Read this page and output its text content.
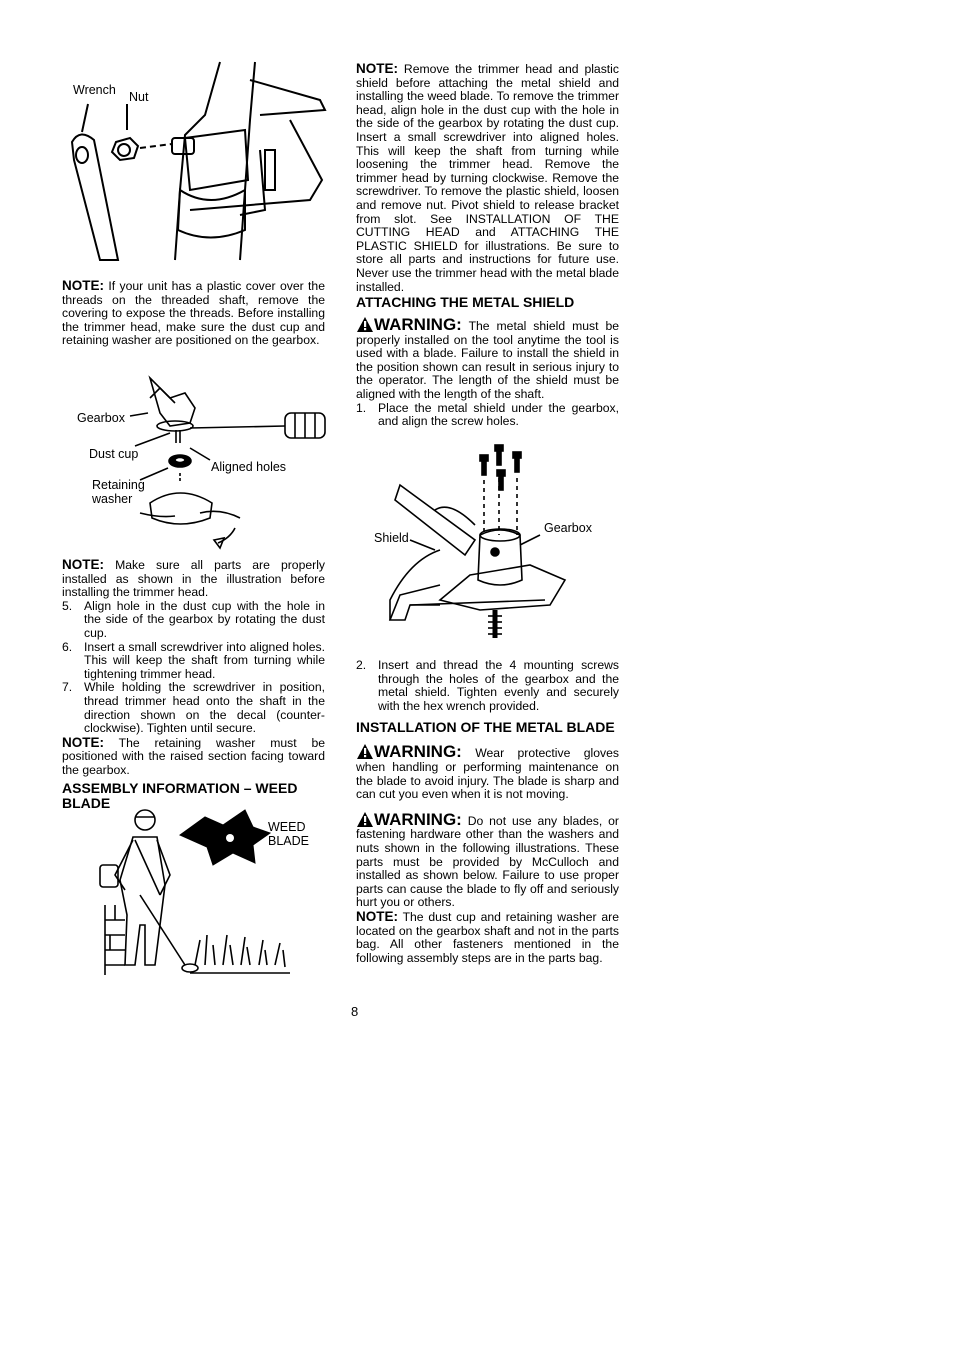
Wrench Nut

NOTE: If your unit has a plastic cover over the threads on the threaded shaft, remove the covering to expose the threads. Before installing the trimmer head, make sure the dust cup and retaining washer are positioned on the gearbox.

Gearbox
Dust cup
Aligned holes
Retaining
washer

NOTE: Make sure all parts are properly installed as shown in the illustration before installing the trimmer head.

5. Align hole in the dust cup with the hole in the side of the gearbox by rotating the dust cup.
6. Insert a small screwdriver into aligned holes. This will keep the shaft from turning while tightening trimmer head.
7. While holding the screwdriver in position, thread trimmer head onto the shaft in the direction shown on the decal (counter-clockwise). Tighten until secure.

NOTE: The retaining washer must be positioned with the raised section facing toward the gearbox.

ASSEMBLY INFORMATION – WEED BLADE

WEED
BLADE

NOTE: Remove the trimmer head and plastic shield before attaching the metal shield and installing the weed blade. To remove the trimmer head, align hole in the dust cup with the hole in the side of the gearbox by rotating the dust cup. Insert a small screwdriver into aligned holes. This will keep the shaft from turning while loosening the trimmer head. Remove the trimmer head by turning clockwise. Remove the screwdriver. To remove the plastic shield, loosen and remove nut. Pivot shield to release bracket from slot. See INSTALLATION OF THE CUTTING HEAD and ATTACHING THE PLASTIC SHIELD for illustrations. Be sure to store all parts and instructions for future use. Never use the trimmer head with the metal blade installed.

ATTACHING THE METAL SHIELD

WARNING: The metal shield must be properly installed on the tool anytime the tool is used with a blade. Failure to install the shield in the position shown can result in serious injury to the operator. The length of the shield must be aligned with the length of the shaft.

1. Place the metal shield under the gearbox, and align the screw holes.
Shield
Gearbox
2. Insert and thread the 4 mounting screws through the holes of the gearbox and the metal shield. Tighten evenly and securely with the hex wrench provided.

INSTALLATION OF THE METAL BLADE

WARNING: Wear protective gloves when handling or performing maintenance on the blade to avoid injury. The blade is sharp and can cut you even when it is not moving.

WARNING: Do not use any blades, or fastening hardware other than the washers and nuts shown in the following illustrations. These parts must be provided by McCulloch and installed as shown below. Failure to use proper parts can cause the blade to fly off and seriously hurt you or others.

NOTE: The dust cup and retaining washer are located on the gearbox shaft and not in the parts bag. All other fasteners mentioned in the following assembly steps are in the parts bag.

8
